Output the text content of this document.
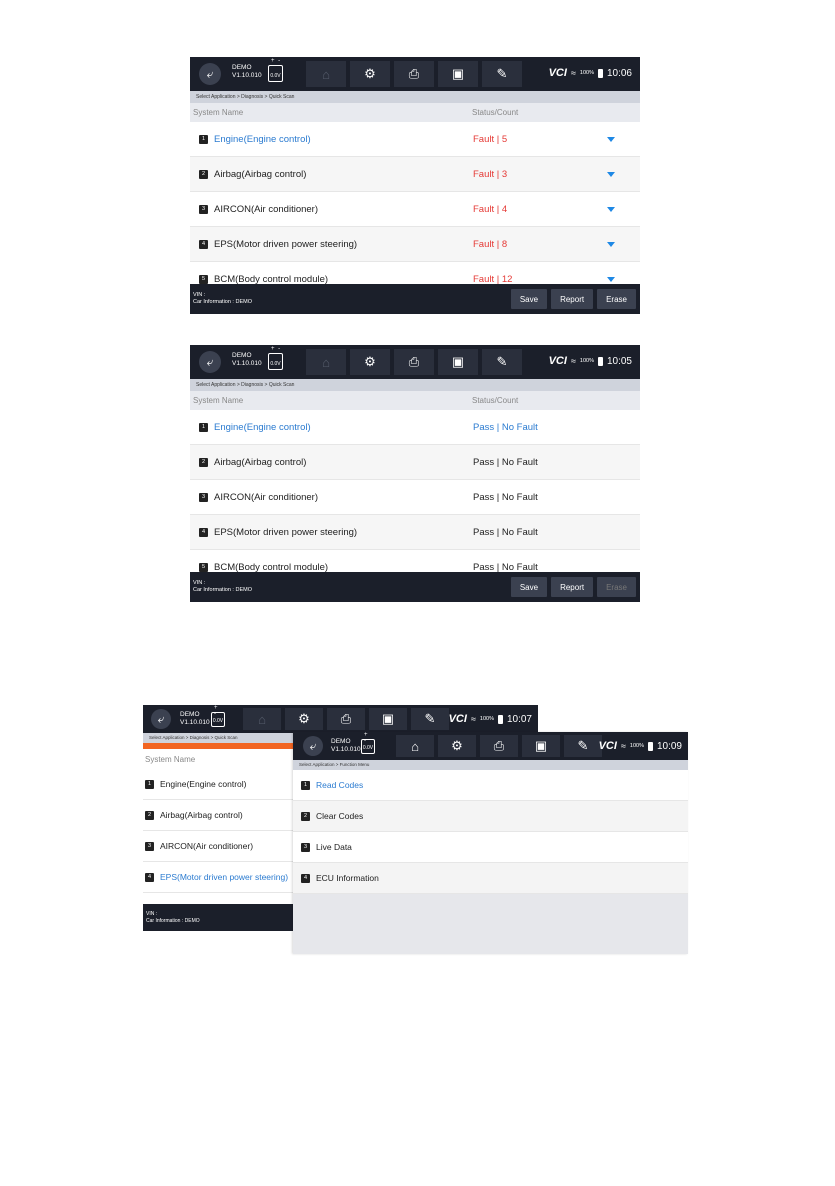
⤶	DEMO
V1.10.010 + - 0.0V	⌂	⚙	⎙	▣	✎	VCI ≈ 100% 10:06
Select Application > Diagnosis > Quick Scan
System Name	Status/Count
1 Engine(Engine control)	Fault | 5
2 Airbag(Airbag control)	Fault | 3
3 AIRCON(Air conditioner)	Fault | 4
4 EPS(Motor driven power steering)	Fault | 8
5 BCM(Body control module)	Fault | 12
VIN :
Car Information : DEMO	Save	Report	Erase
⤶	DEMO
V1.10.010 + - 0.0V	⌂	⚙	⎙	▣	✎	VCI ≈ 100% 10:05
Select Application > Diagnosis > Quick Scan
System Name	Status/Count
1 Engine(Engine control)	Pass | No Fault
2 Airbag(Airbag control)	Pass | No Fault
3 AIRCON(Air conditioner)	Pass | No Fault
4 EPS(Motor driven power steering)	Pass | No Fault
5 BCM(Body control module)	Pass | No Fault
VIN :
Car Information : DEMO	Save	Report	Erase
⤶	DEMO
V1.10.010 + - 0.0V	⌂	⚙	⎙	▣	✎	VCI ≈ 100% 10:07
Select Application > Diagnosis > Quick Scan
System Name
1	Engine(Engine control)
2	Airbag(Airbag control)
3	AIRCON(Air conditioner)
4	EPS(Motor driven power steering)
VIN :
Car Information : DEMO
⤶	DEMO
V1.10.010 + - 0.0V	⌂	⚙	⎙	▣	✎ VCI ≈ 100% 10:09
Select Application > Function Menu
1	Read Codes
2	Clear Codes
3	Live Data
4	ECU Information
